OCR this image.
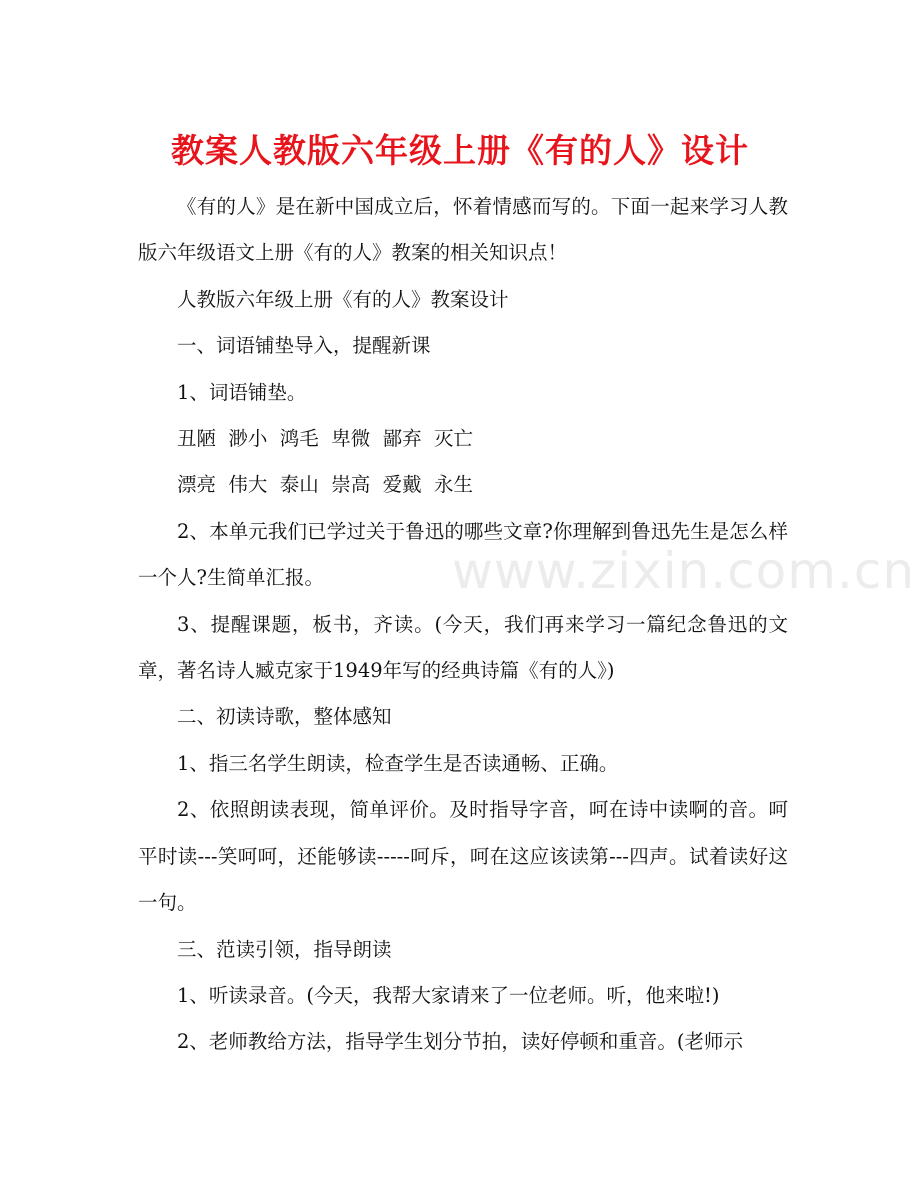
教案人教版六年级上册《有的人》设计

《有的人》是在新中国成立后，怀着情感而写的。下面一起来学习人教版六年级语文上册《有的人》教案的相关知识点！

人教版六年级上册《有的人》教案设计

一、词语铺垫导入，提醒新课

1、词语铺垫。

丑陋  渺小  鸿毛  卑微  鄙弃  灭亡

漂亮  伟大  泰山  崇高  爱戴  永生

2、本单元我们已学过关于鲁迅的哪些文章?你理解到鲁迅先生是怎么样一个人?生简单汇报。

3、提醒课题，板书，齐读。(今天，我们再来学习一篇纪念鲁迅的文章，著名诗人臧克家于1949年写的经典诗篇《有的人》)

二、初读诗歌，整体感知

1、指三名学生朗读，检查学生是否读通畅、正确。

2、依照朗读表现，简单评价。及时指导字音，呵在诗中读啊的音。呵平时读---笑呵呵，还能够读-----呵斥，呵在这应该读第---四声。试着读好这一句。

三、范读引领，指导朗读

1、听读录音。(今天，我帮大家请来了一位老师。听，他来啦!)

2、老师教给方法，指导学生划分节拍，读好停顿和重音。(老师示

www.zixin.com.cn
